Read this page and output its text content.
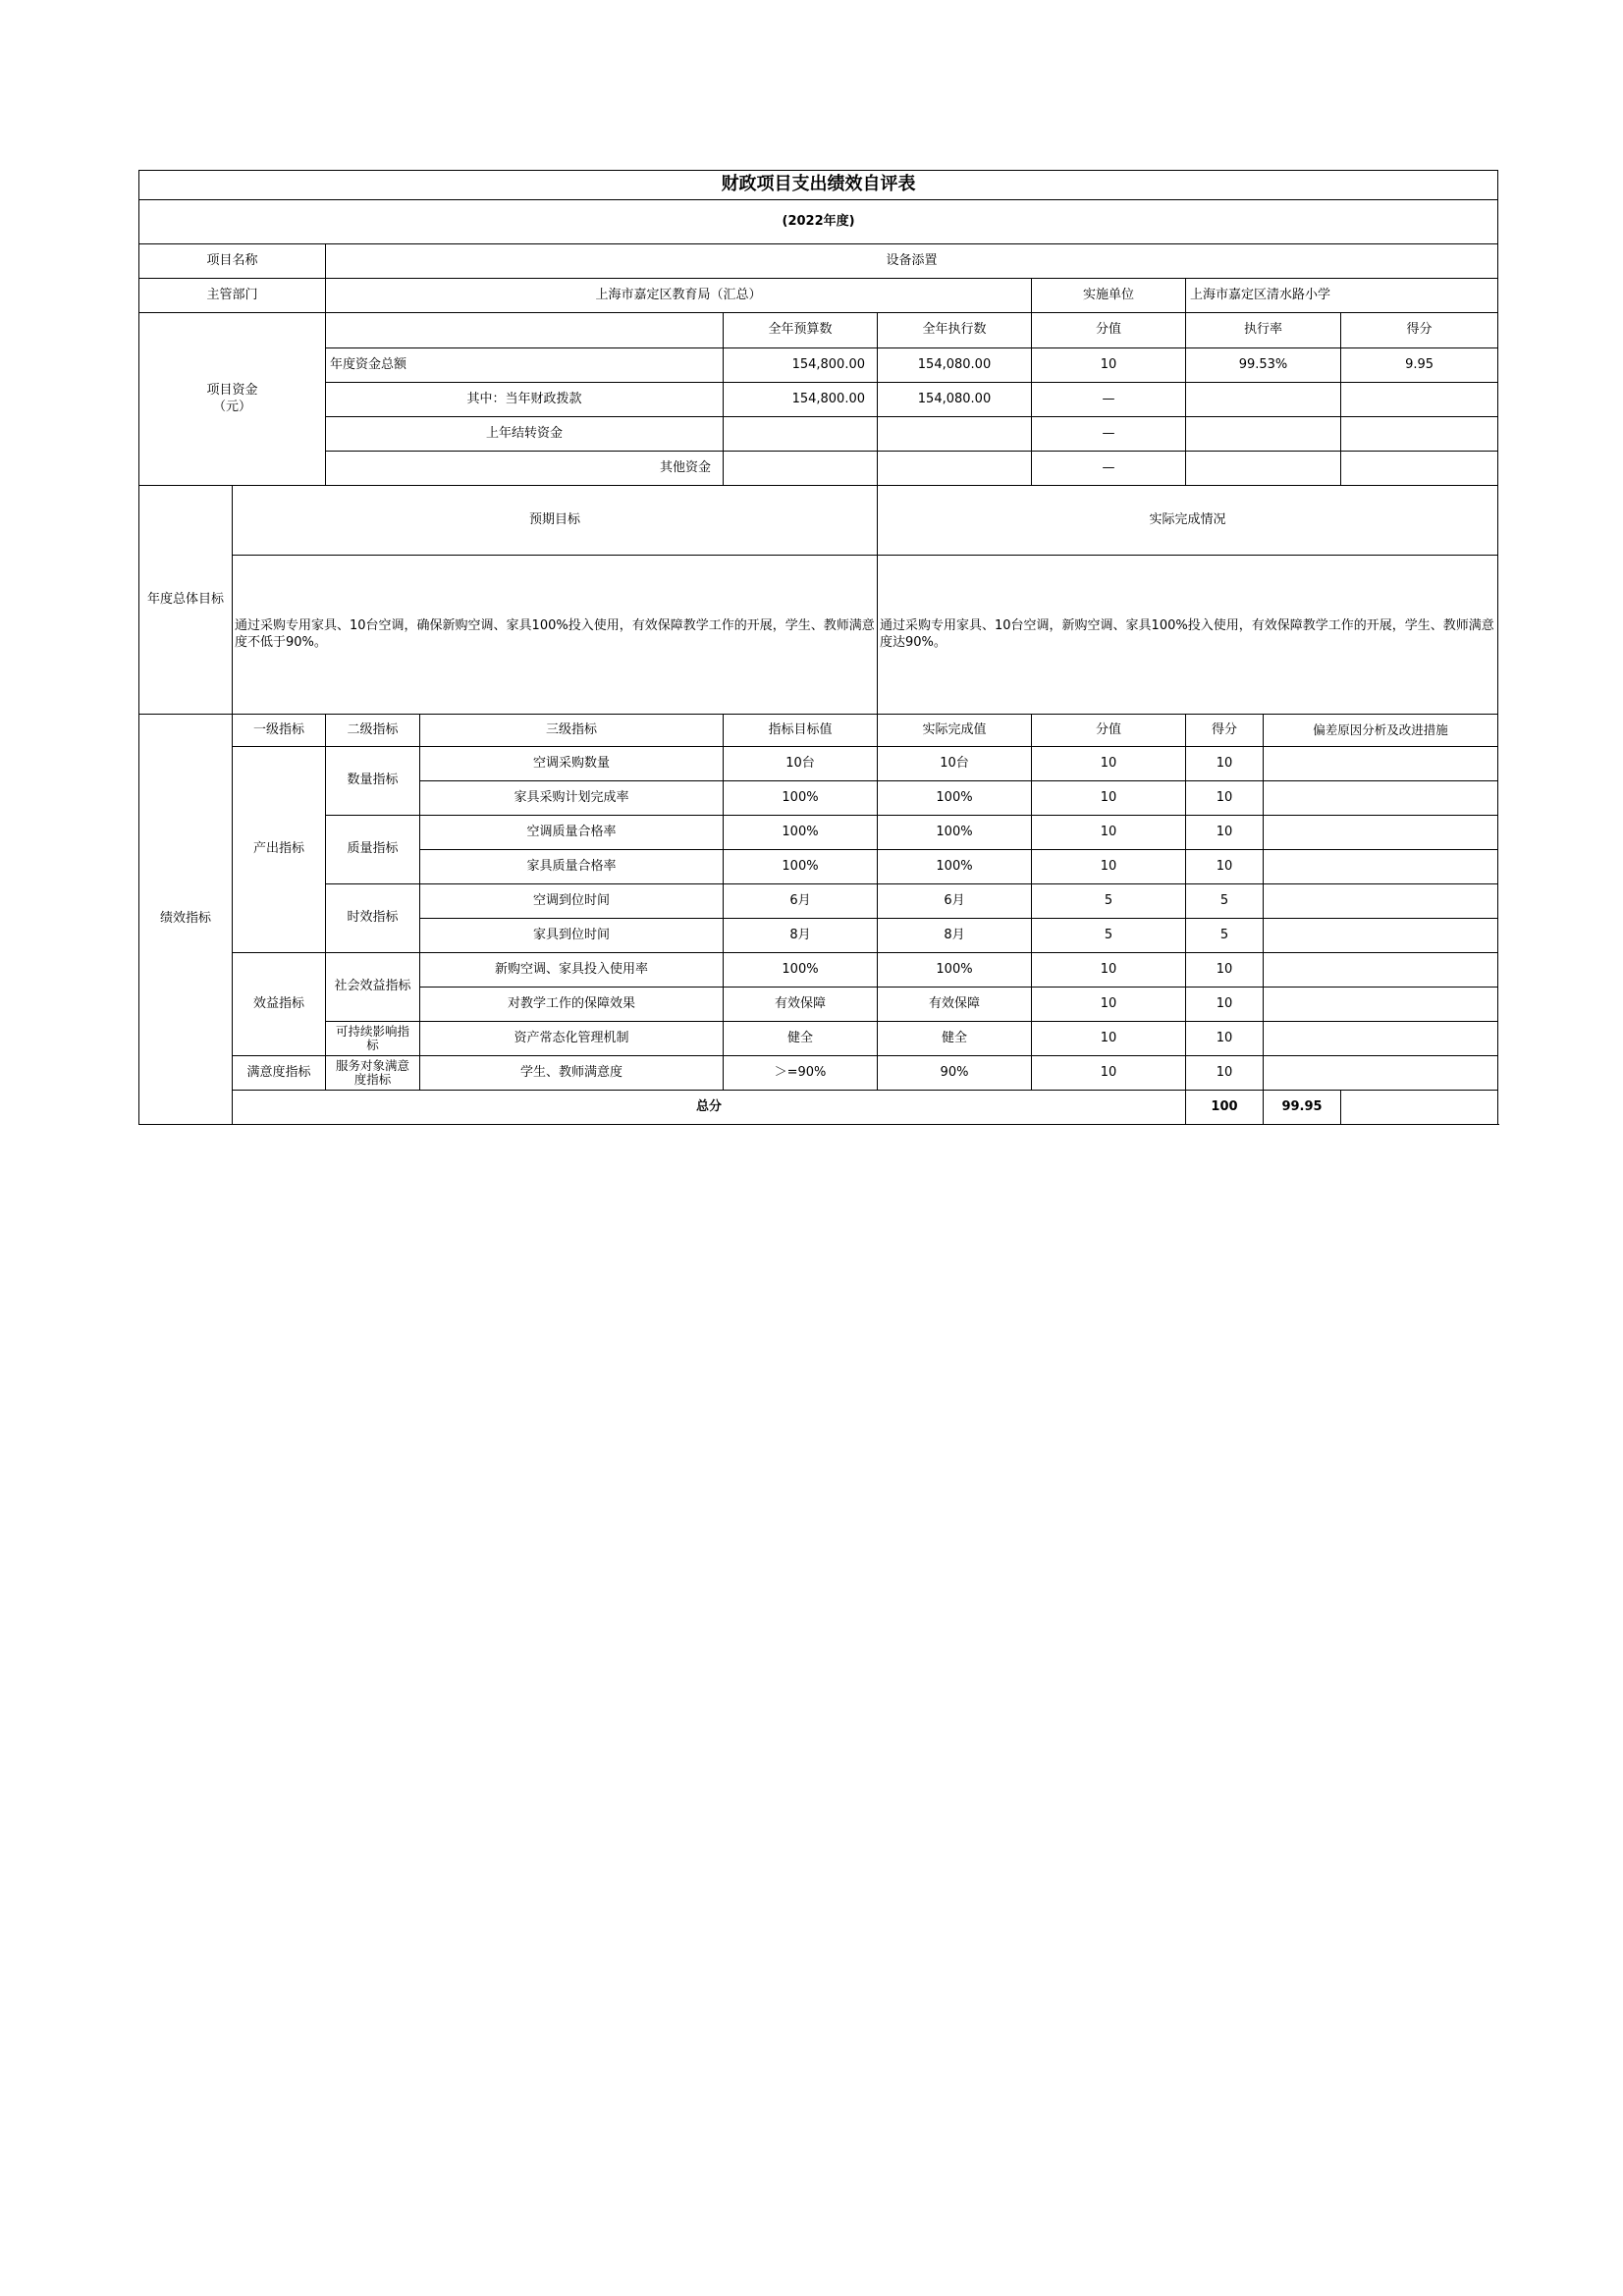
财政项目支出绩效自评表									
(2022年度)									
项目名称		设备添置							
主管部门		上海市嘉定区教育局（汇总）				实施单位	上海市嘉定区清水路小学		
项目资金
（元）				全年预算数	全年执行数	分值	执行率		得分
		年度资金总额		154,800.00	154,080.00	10	99.53%		9.95
		其中：当年财政拨款		154,800.00	154,080.00	—			
		上年结转资金				—			
		其他资金				—			
年度总体目标	预期目标				实际完成情况				
	通过采购专用家具、10台空调，确保新购空调、家具100%投入使用，有效保障教学工作的开展，学生、教师满意度不低于90%。				通过采购专用家具、10台空调，新购空调、家具100%投入使用，有效保障教学工作的开展，学生、教师满意度达90%。				
绩效指标	一级指标	二级指标	三级指标	指标目标值	实际完成值	分值	得分	偏差原因分析及改进措施	
	产出指标	数量指标	空调采购数量	10台	10台	10	10		
			家具采购计划完成率	100%	100%	10	10		
		质量指标	空调质量合格率	100%	100%	10	10		
			家具质量合格率	100%	100%	10	10		
		时效指标	空调到位时间	6月	6月	5	5		
			家具到位时间	8月	8月	5	5		
	效益指标	社会效益指标	新购空调、家具投入使用率	100%	100%	10	10		
			对教学工作的保障效果	有效保障	有效保障	10	10		
		可持续影响指标	资产常态化管理机制	健全	健全	10	10		
	满意度指标	服务对象满意度指标	学生、教师满意度	＞=90%	90%	10	10		
	总分						100	99.95	
